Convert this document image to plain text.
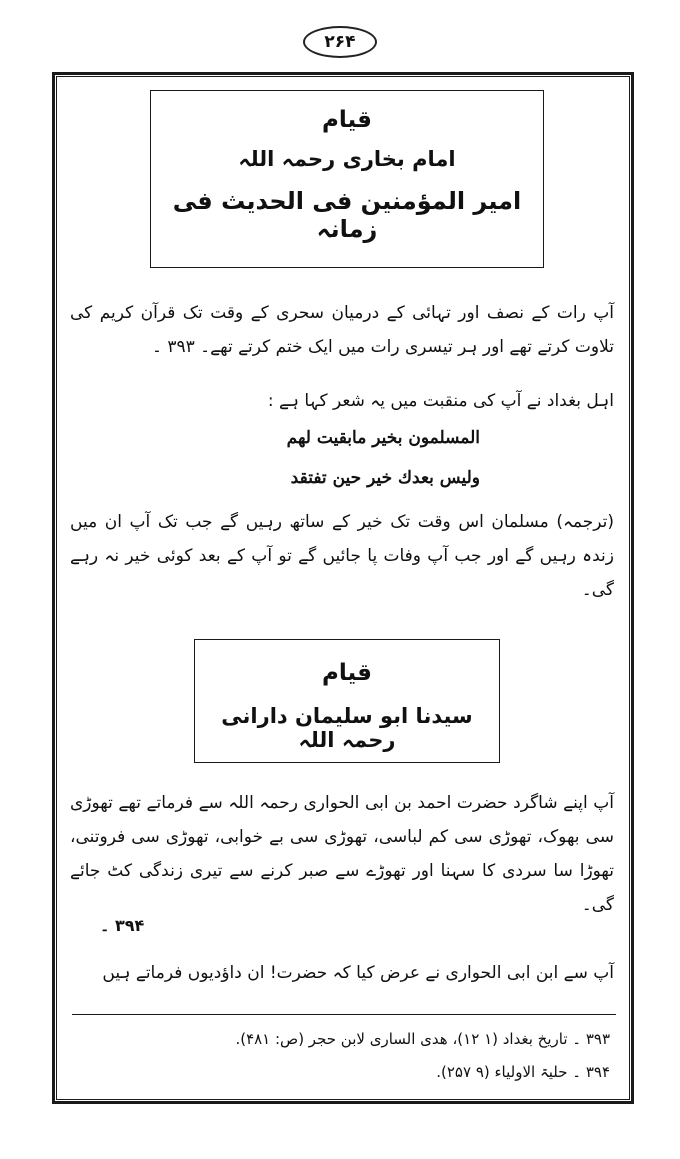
۲۶۴
قیام
امام بخاری رحمہ اللہ
امیر المؤمنین فی الحدیث فی زمانہ
آپ رات کے نصف اور تہائی کے درمیان سحری کے وقت تک قرآن کریم کی تلاوت کرتے تھے اور ہر تیسری رات میں ایک ختم کرتے تھے۔ ۳۹۳ ۔
اہل بغداد نے آپ کی منقبت میں یہ شعر کہا ہے :
المسلمون بخير مابقيت لهم
وليس بعدك خير حين تفتقد
(ترجمہ) مسلمان اس وقت تک خیر کے ساتھ رہیں گے جب تک آپ ان میں زندہ رہیں گے اور جب آپ وفات پا جائیں گے تو آپ کے بعد کوئی خیر نہ رہے گی۔
قیام
سیدنا ابو سلیمان دارانی رحمہ اللہ
آپ اپنے شاگرد حضرت احمد بن ابی الحواری رحمہ اللہ سے فرماتے تھے تھوڑی سی بھوک، تھوڑی سی کم لباسی، تھوڑی سی بے خوابی، تھوڑی سی فروتنی، تھوڑا سا سردی کا سہنا اور تھوڑے سے صبر کرنے سے تیری زندگی کٹ جائے گی۔
۳۹۴ ۔
آپ سے ابن ابی الحواری نے عرض کیا کہ حضرت! ان داؤدیوں فرماتے ہیں
۳۹۳ ۔ تاریخ بغداد (۱ ۱۲)، هدى السارى لابن حجر (ص: ۴۸۱).
۳۹۴ ۔ حلیۃ الاولیاء (۹ ۲۵۷).
